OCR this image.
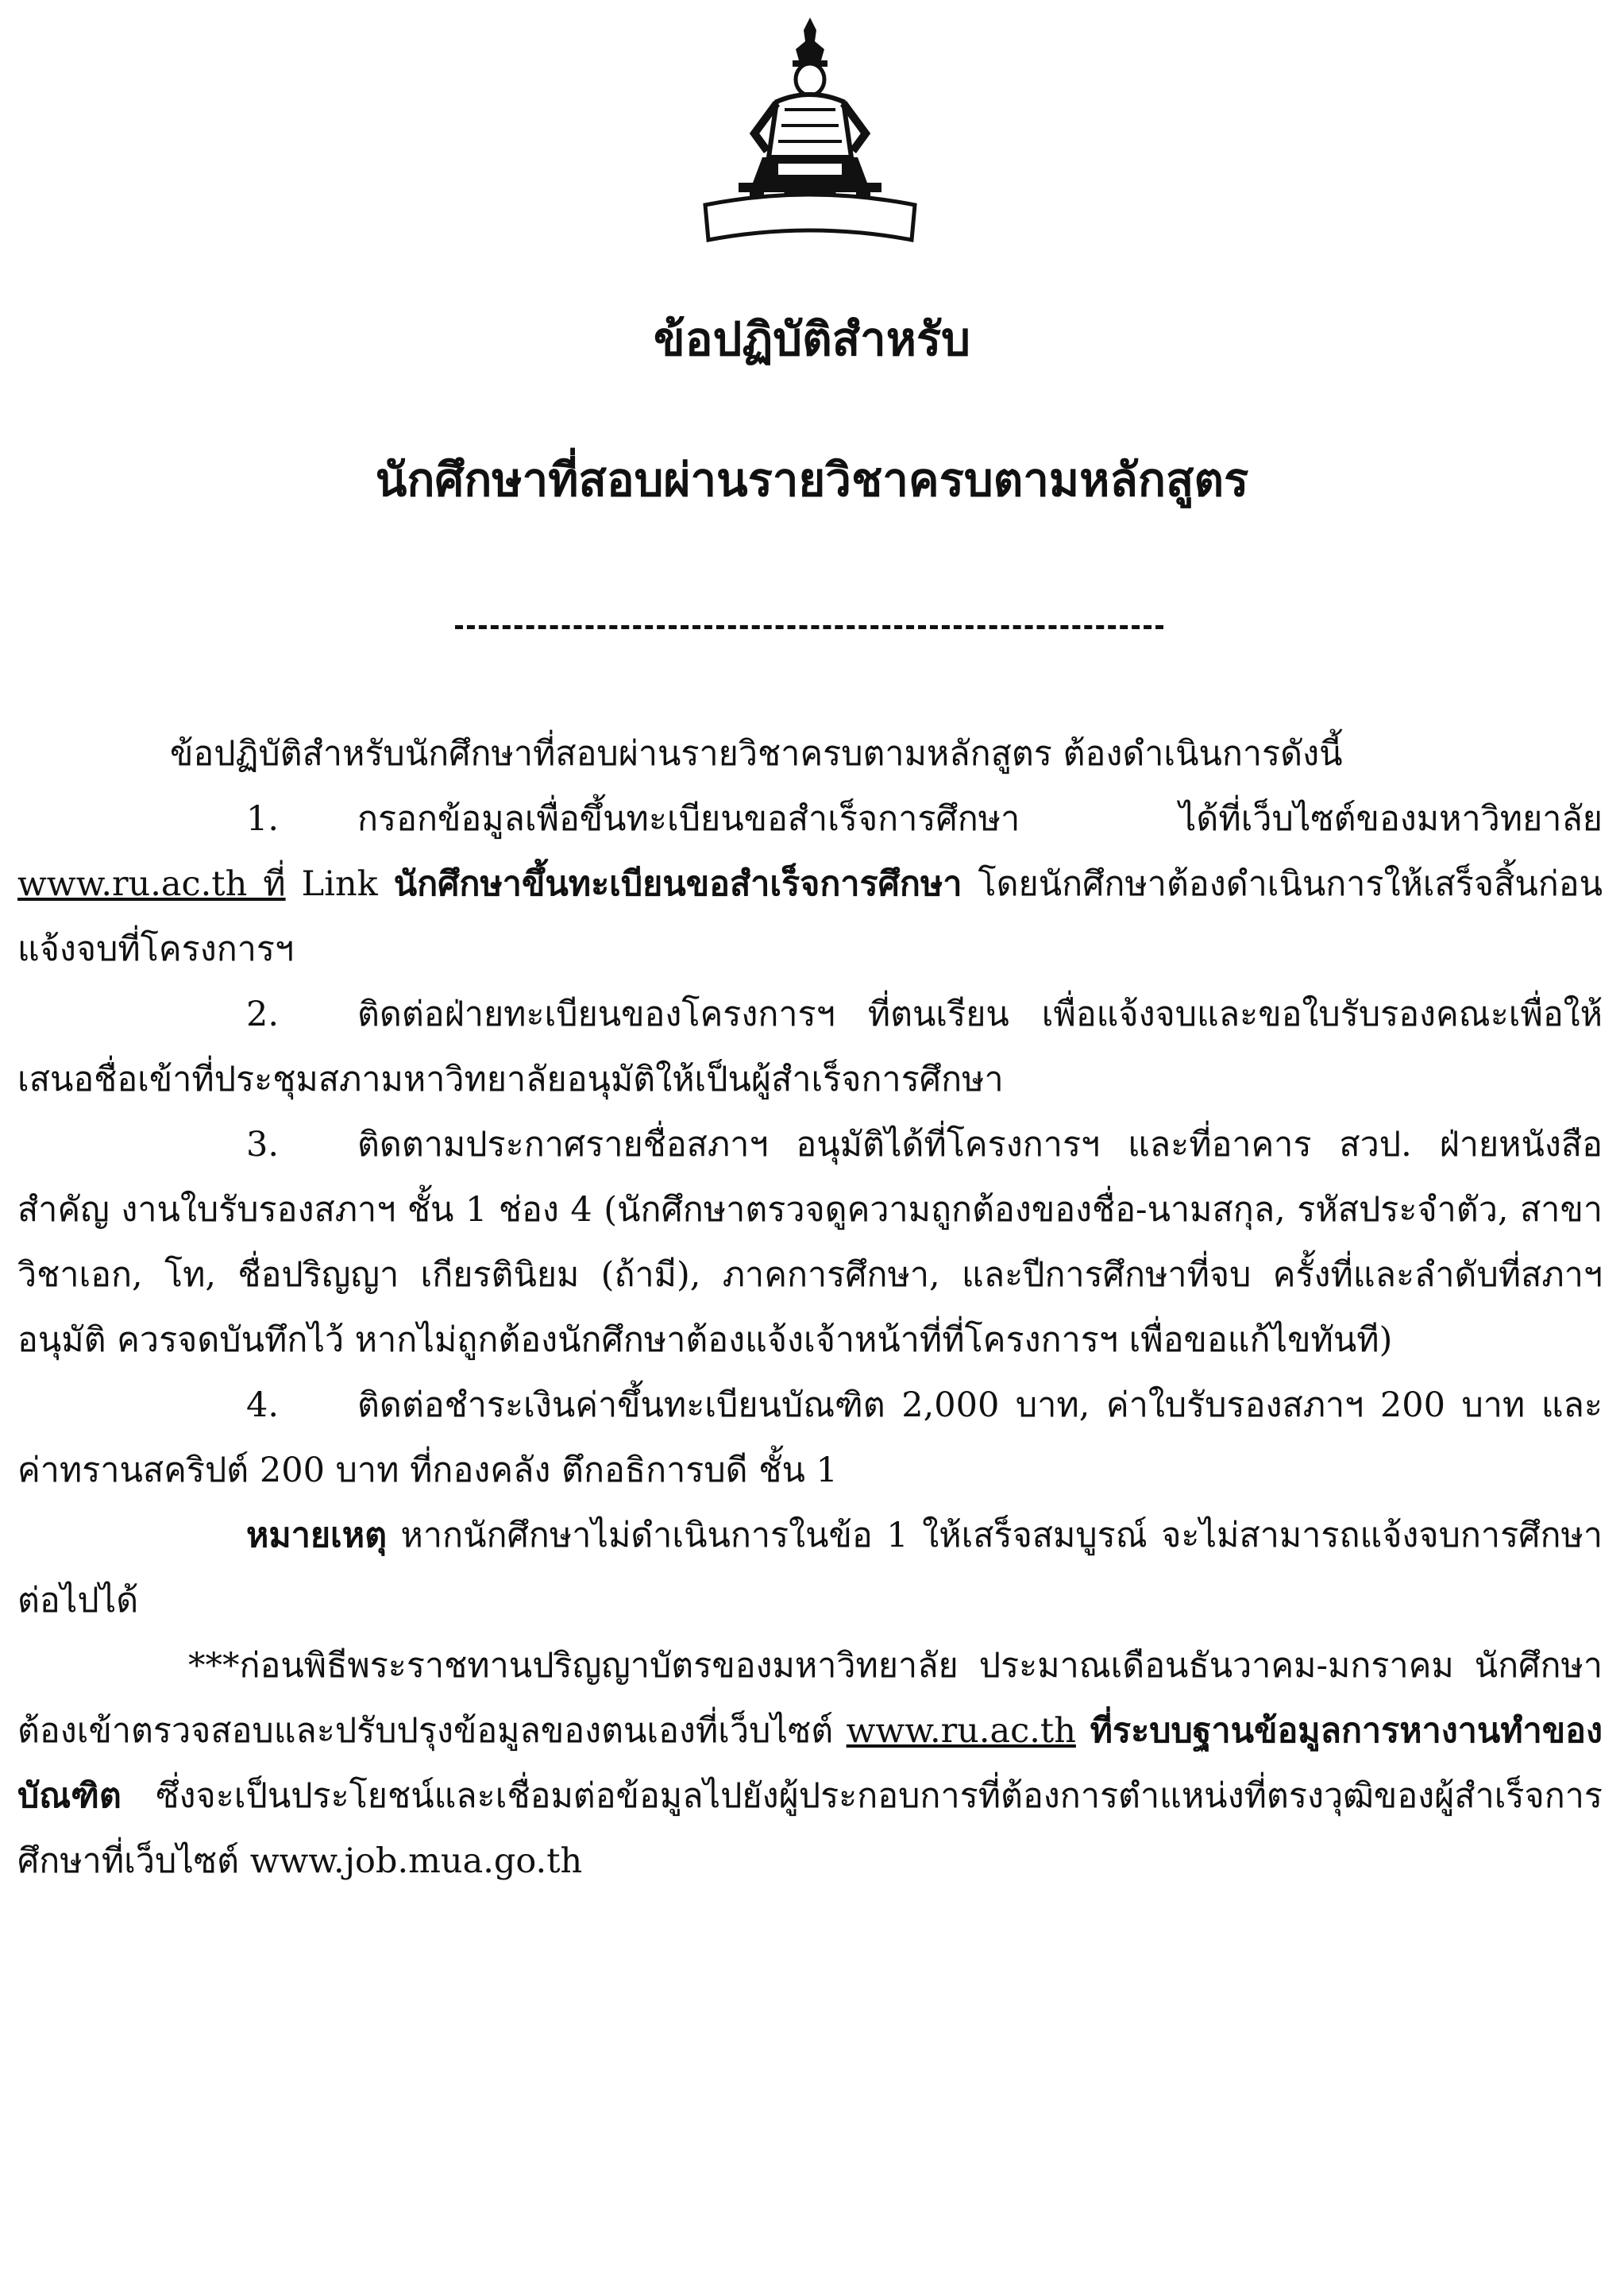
ข้อปฏิบัติสำหรับ
นักศึกษาที่สอบผ่านรายวิชาครบตามหลักสูตร

ข้อปฏิบัติสำหรับนักศึกษาที่สอบผ่านรายวิชาครบตามหลักสูตร ต้องดำเนินการดังนี้

1. กรอกข้อมูลเพื่อขึ้นทะเบียนขอสำเร็จการศึกษา ได้ที่เว็บไซต์ของมหาวิทยาลัย www.ru.ac.th ที่ Link นักศึกษาขึ้นทะเบียนขอสำเร็จการศึกษา โดยนักศึกษาต้องดำเนินการให้เสร็จสิ้นก่อนแจ้งจบที่โครงการฯ

2. ติดต่อฝ่ายทะเบียนของโครงการฯ ที่ตนเรียน เพื่อแจ้งจบและขอใบรับรองคณะเพื่อให้เสนอชื่อเข้าที่ประชุมสภามหาวิทยาลัยอนุมัติให้เป็นผู้สำเร็จการศึกษา

3. ติดตามประกาศรายชื่อสภาฯ อนุมัติได้ที่โครงการฯ และที่อาคาร สวป. ฝ่ายหนังสือสำคัญ งานใบรับรองสภาฯ ชั้น 1 ช่อง 4 (นักศึกษาตรวจดูความถูกต้องของชื่อ-นามสกุล, รหัสประจำตัว, สาขาวิชาเอก, โท, ชื่อปริญญา เกียรตินิยม (ถ้ามี), ภาคการศึกษา, และปีการศึกษาที่จบ ครั้งที่และลำดับที่สภาฯ อนุมัติ ควรจดบันทึกไว้ หากไม่ถูกต้องนักศึกษาต้องแจ้งเจ้าหน้าที่ที่โครงการฯ เพื่อขอแก้ไขทันที)

4. ติดต่อชำระเงินค่าขึ้นทะเบียนบัณฑิต 2,000 บาท, ค่าใบรับรองสภาฯ 200 บาท และค่าทรานสคริปต์ 200 บาท ที่กองคลัง ตึกอธิการบดี ชั้น 1

หมายเหตุ หากนักศึกษาไม่ดำเนินการในข้อ 1 ให้เสร็จสมบูรณ์ จะไม่สามารถแจ้งจบการศึกษาต่อไปได้

***ก่อนพิธีพระราชทานปริญญาบัตรของมหาวิทยาลัย ประมาณเดือนธันวาคม-มกราคม นักศึกษาต้องเข้าตรวจสอบและปรับปรุงข้อมูลของตนเองที่เว็บไซต์ www.ru.ac.th ที่ระบบฐานข้อมูลการหางานทำของบัณฑิต ซึ่งจะเป็นประโยชน์และเชื่อมต่อข้อมูลไปยังผู้ประกอบการที่ต้องการตำแหน่งที่ตรงวุฒิของผู้สำเร็จการศึกษาที่เว็บไซต์ www.job.mua.go.th
